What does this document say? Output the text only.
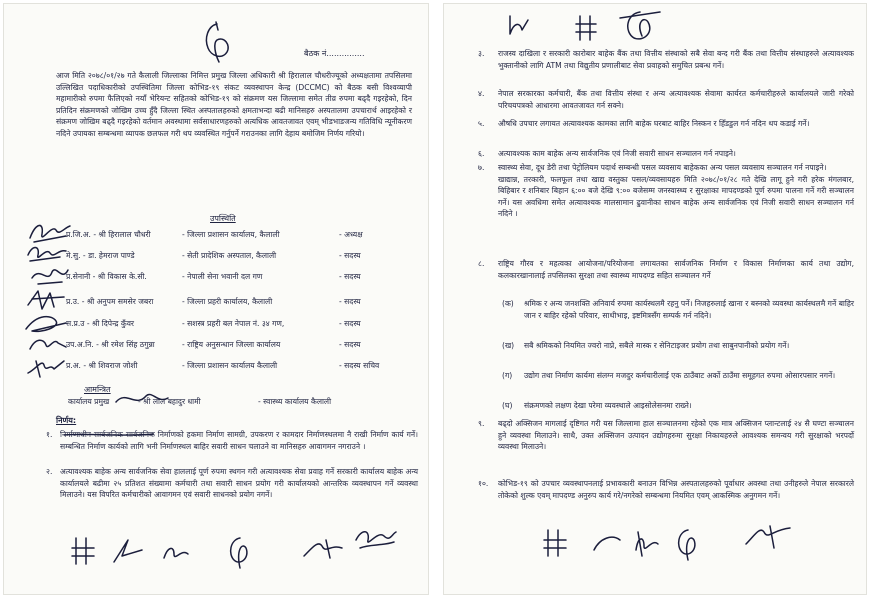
बैठक नं...............
आज मिति २०७८/०१/२७ गते कैलाली जिल्लाका निमित्त प्रमुख जिल्ला अधिकारी श्री हिरालाल चौधरीज्यूको अध्यक्षतामा तपसिलमा उल्लिखित पदाधिकारीको उपस्थितिमा जिल्ला कोभिड-१९ संकट व्यवस्थापन केन्द्र (DCCMC) को बैठक बसी विश्वव्यापी महामारीको रुपमा फैलिएको नयाँ भेरियन्ट सहितको कोभिड-१९ को संक्रमण यस जिल्लामा समेत तीव्र रुपमा बढ्दै गइरहेको, दिन प्रतिदिन संक्रमणको जोखिम उच्च हुँदै जिल्ला स्थित अस्पतालहरुको क्षमताभन्दा बढी मानिसहरु अस्पतालमा उपचारार्थ आइरहेको र संक्रमण जोखिम बढ्दै गइरहेको वर्तमान अवस्थामा सर्वसाधारणहरुको अत्यधिक आवतजावत एवम् भीडभाडजन्य गतिविधि न्यूनीकरण नदिने उपायका सम्बन्धमा व्यापक छलफल गरी थप व्यवस्थित गर्नुपर्ने गराउनका लागि देहाय बमोजिम निर्णय गरियो।
उपस्थिति
प्र.जि.अ. - श्री हिरालाल चौधरी	- जिल्ला प्रशासन कार्यालय, कैलाली	- अध्यक्ष
मे.सु. - डा. हेमराज पाण्डे	- सेती प्रादेशिक अस्पताल, कैलाली	- सदस्य
प्र.सेनानी - श्री विकास के.सी.	- नेपाली सेना भवानी दल गण	- सदस्य
प्र.उ. - श्री अनुपम समसेर जबरा	- जिल्ला प्रहरी कार्यालय, कैलाली	- सदस्य
स.प्र.उ - श्री दिपेन्द्र कुँवर	- सशस्त्र प्रहरी बल नेपाल नं. ३४ गण,	- सदस्य
उप.अ.नि. - श्री रमेश सिंह ठगुन्ना	- राष्ट्रिय अनुसन्धान जिल्ला कार्यालय	- सदस्य
प्र.अ. - श्री शिवराज जोशी	- जिल्ला प्रशासन कार्यालय कैलाली	- सदस्य सचिव
आमन्त्रित
कार्यालय प्रमुख	- श्री लाल बहादुर धामी	- स्वास्थ्य कार्यालय कैलाली
निर्णय:
१.	निर्माणाधीन सार्वजनिक सार्वजनिक निर्माणको हकमा निर्माण सामग्री, उपकरण र कामदार निर्माणस्थलमा नै राखी निर्माण कार्य गर्ने। सम्बन्धित निर्माण कार्यको लागि भनी निर्माणस्थल बाहिर सवारी साधन चलाउने वा मानिसहरु आवागमन नगराउने ।

२.	अत्यावश्यक बाहेक अन्य सार्वजनिक सेवा हाललाई पूर्ण रुपमा स्थगन गरी अत्यावश्यक सेवा प्रवाह गर्ने सरकारी कार्यालय बाहेक अन्य कार्यालयले बढीमा २५ प्रतिशत संख्यामा कर्मचारी तथा सवारी साधन प्रयोग गरी कार्यालयको आन्तरिक व्यवस्थापन गर्ने व्यवस्था मिलाउने। यस विपरित कर्मचारीको आवागमन एवं सवारी साधनको प्रयोग नगर्ने।

३.	राजस्व दाखिला र सरकारी कारोबार बाहेक बैंक तथा वित्तीय संस्थाको सबै सेवा बन्द गरी बैंक तथा वित्तीय संस्थाहरुले अत्यावश्यक भुक्तानीको लागि ATM तथा विद्युतीय प्रणालीबाट सेवा प्रवाहको समुचित प्रबन्ध गर्ने।

४.	नेपाल सरकारका कर्मचारी, बैंक तथा वित्तीय संस्था र अन्य अत्यावश्यक सेवामा कार्यरत कर्मचारीहरुले कार्यालयले जारी गरेको परिचयपत्रको आधारमा आवतजावत गर्न सक्ने।

५.	औषधि उपचार लगायत अत्यावश्यक कामका लागि बाहेक घरबाट बाहिर निस्कन र हिँडडुल गर्न नदिन थप कडाई गर्ने।

६.	अत्यावश्यक काम बाहेक अन्य सार्वजनिक एवं निजी सवारी साधन सञ्चालन गर्न नपाइने।

७.	स्वास्थ्य सेवा, दूध डेरी तथा पेट्रोलियम पदार्थ सम्बन्धी पसल व्यवसाय बाहेकका अन्य पसल व्यवसाय सञ्चालन गर्न नपाइने।

खाद्यान्न, तरकारी, फलफूल तथा खाद्य वस्तुका पसल/व्यवसायहरु मिति २०७८/०१/२८ गते देखि लागू हुने गरी हरेक मंगलबार, बिहिबार र शनिबार बिहान ६:०० बजे देखि ९:०० बजेसम्म जनस्वास्थ्य र सुरक्षाका मापदण्डको पूर्ण रुपमा पालना गर्ने गरी सञ्चालन गर्ने। यस अवधिमा समेत अत्यावश्यक मालसामान ढुवानीका साधन बाहेक अन्य सार्वजनिक एवं निजी सवारी साधन सञ्चालन गर्न नदिने ।

८.	राष्ट्रिय गौरव र महत्वका आयोजना/परियोजना लगायतका सार्वजनिक निर्माण र विकास निर्माणका कार्य तथा उद्योग, कलकारखानालाई तपसिलका सुरक्षा तथा स्वास्थ्य मापदण्ड सहित सञ्चालन गर्ने

(क)	श्रमिक र अन्य जनशक्ति अनिवार्य रुपमा कार्यस्थलमै रहनु पर्ने। निजहरुलाई खाना र बस्नको व्यवस्था कार्यस्थलमै गर्ने बाहिर जान र बाहिर रहेको परिवार, साथीभाइ, इष्टमित्रसँग सम्पर्क गर्न नदिने।

(ख)	सबै श्रमिकको नियमित ज्वरो नाप्ने, सबैले मास्क र सेनिटाइजर प्रयोग तथा साबुनपानीको प्रयोग गर्ने।

(ग)	उद्योग तथा निर्माण कार्यमा संलग्न मजदुर कर्मचारीलाई एक ठाउँबाट अर्को ठाउँमा समूहगत रुपमा ओसारपसार नगर्ने।

(घ)	संक्रमणको लक्षण देखा परेमा व्यवस्थाले आइसोलेसनमा राख्ने।

९.	बढ्दो अक्सिजन मागलाई दृष्टिगत गरी यस जिल्लामा हाल सञ्चालनमा रहेको एक मात्र अक्सिजन प्लान्टलाई २४ सै घण्टा सञ्चालन हुने व्यवस्था मिलाउने। साथै, उक्त अक्सिजन उत्पादन उद्योगहरुमा सुरक्षा निकायहरुले आवश्यक समन्वय गरी सुरक्षाको भरपर्दो व्यवस्था मिलाउने।

१०.	कोभिड-१९ को उपचार व्यवस्थापनलाई प्रभावकारी बनाउन विभिन्न अस्पतालहरुको पूर्वाधार अवस्था तथा उनीहरुले नेपाल सरकारले तोकेको शुल्क एवम् मापदण्ड अनुरुप कार्य गरे/नगरेको सम्बन्धमा नियमित एवम् आकस्मिक अनुगमन गर्ने।
